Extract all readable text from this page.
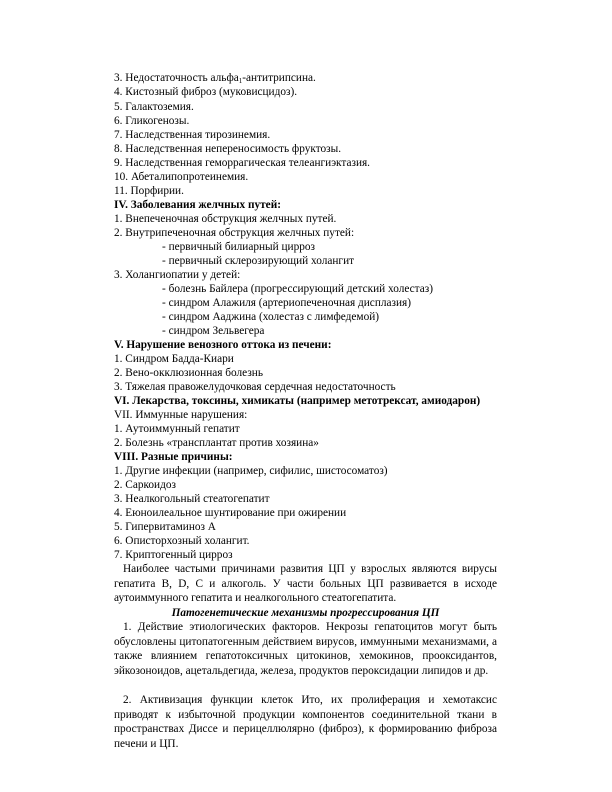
3. Недостаточность альфа$_1$-антитрипсина.
4. Кистозный фиброз (муковисцидоз).
5. Галактоземия.
6. Гликогенозы.
7. Наследственная тирозинемия.
8. Наследственная непереносимость фруктозы.
9. Наследственная геморрагическая телеангиэктазия.
10. Абеталипопротеинемия.
11. Порфирии.
IV. Заболевания желчных путей:
1. Внепеченочная обструкция желчных путей.
2. Внутрипеченочная обструкция желчных путей:
- первичный билиарный цирроз
- первичный склерозирующий холангит
3. Холангиопатии у детей:
- болезнь Байлера (прогрессирующий детский холестаз)
- синдром Алажиля (артериопеченочная дисплазия)
- синдром Ааджина (холестаз с лимфедемой)
- синдром Зельвегера
V. Нарушение венозного оттока из печени:
1. Синдром Бадда-Киари
2. Вено-окклюзионная болезнь
3. Тяжелая правожелудочковая сердечная недостаточность
VI. Лекарства, токсины, химикаты (например метотрексат, амиодарон)
VII. Иммунные нарушения:
1. Аутоиммунный гепатит
2. Болезнь «трансплантат против хозяина»
VIII. Разные причины:
1. Другие инфекции (например, сифилис, шистосоматоз)
2. Саркоидоз
3. Неалкогольный стеатогепатит
4. Еюноилеальное шунтирование при ожирении
5. Гипервитаминоз А
6. Описторхозный холангит.
7. Криптогенный цирроз
Наиболее частыми причинами развития ЦП у взрослых являются вирусы гепатита В, D, С и алкоголь. У части больных ЦП развивается в исходе аутоиммунного гепатита и неалкогольного стеатогепатита.
Патогенетические механизмы прогрессирования ЦП
1. Действие этиологических факторов. Некрозы гепатоцитов могут быть обусловлены цитопатогенным действием вирусов, иммунными механизмами, а также влиянием гепатотоксичных цитокинов, хемокинов, прооксидантов, эйкозоноидов, ацетальдегида, железа, продуктов пероксидации липидов и др.
2. Активизация функции клеток Ито, их пролиферация и хемотаксис приводят к избыточной продукции компонентов соединительной ткани в пространствах Диссе и перицеллюлярно (фиброз), к формированию фиброза печени и ЦП.
